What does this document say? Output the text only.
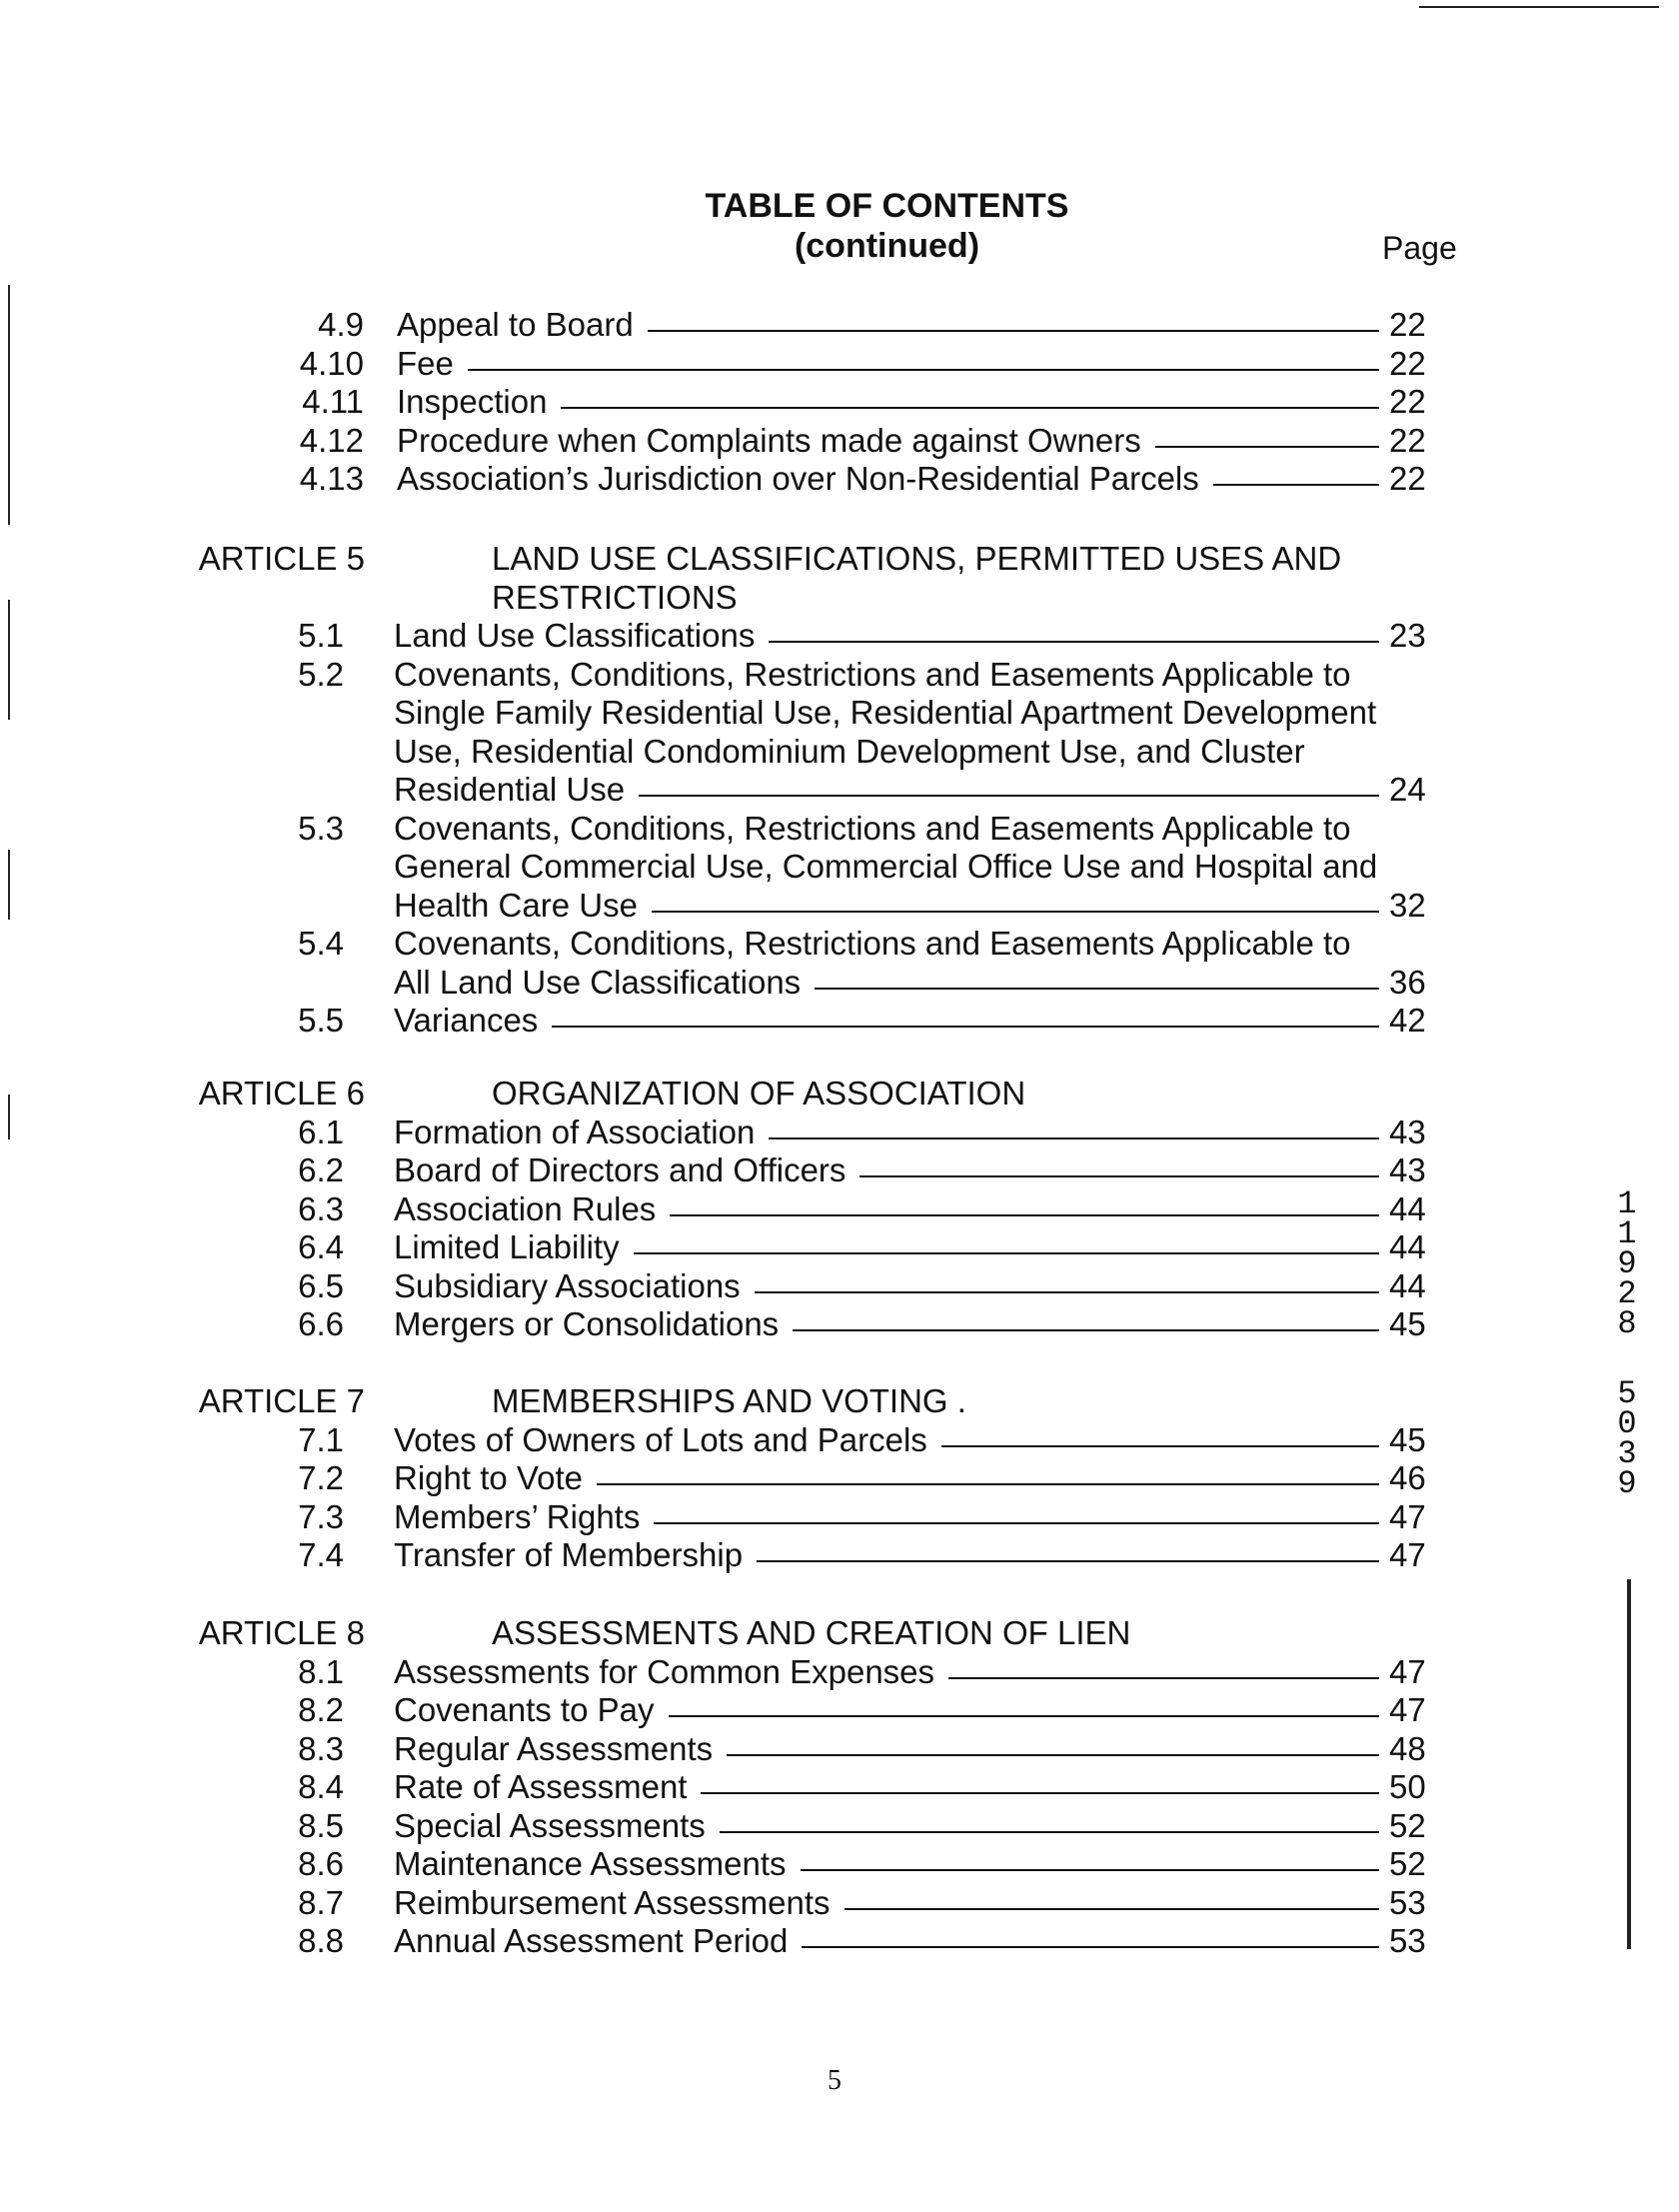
TABLE OF CONTENTS
(continued)	Page
4.9 Appeal to Board	22
4.10 Fee	22
4.11 Inspection	22
4.12 Procedure when Complaints made against Owners	22
4.13 Association’s Jurisdiction over Non-Residential Parcels	22
ARTICLE 5	LAND USE CLASSIFICATIONS, PERMITTED USES AND
RESTRICTIONS
5.1 Land Use Classifications	23
5.2 Covenants, Conditions, Restrictions and Easements Applicable to
Single Family Residential Use, Residential Apartment Development
Use, Residential Condominium Development Use, and Cluster
Residential Use	24
5.3 Covenants, Conditions, Restrictions and Easements Applicable to
General Commercial Use, Commercial Office Use and Hospital and
Health Care Use	32
5.4 Covenants, Conditions, Restrictions and Easements Applicable to
All Land Use Classifications	36
5.5 Variances	42
ARTICLE 6	ORGANIZATION OF ASSOCIATION
6.1 Formation of Association	43
6.2 Board of Directors and Officers	43
6.3 Association Rules	44
6.4 Limited Liability	44
6.5 Subsidiary Associations	44
6.6 Mergers or Consolidations	45
ARTICLE 7	MEMBERSHIPS AND VOTING .
7.1 Votes of Owners of Lots and Parcels	45
7.2 Right to Vote	46
7.3 Members’ Rights	47
7.4 Transfer of Membership	47
ARTICLE 8	ASSESSMENTS AND CREATION OF LIEN
8.1 Assessments for Common Expenses	47
8.2 Covenants to Pay	47
8.3 Regular Assessments	48
8.4 Rate of Assessment	50
8.5 Special Assessments	52
8.6 Maintenance Assessments	52
8.7 Reimbursement Assessments	53
8.8 Annual Assessment Period	53
5
1
1
9
2
8
5
0
3
9
